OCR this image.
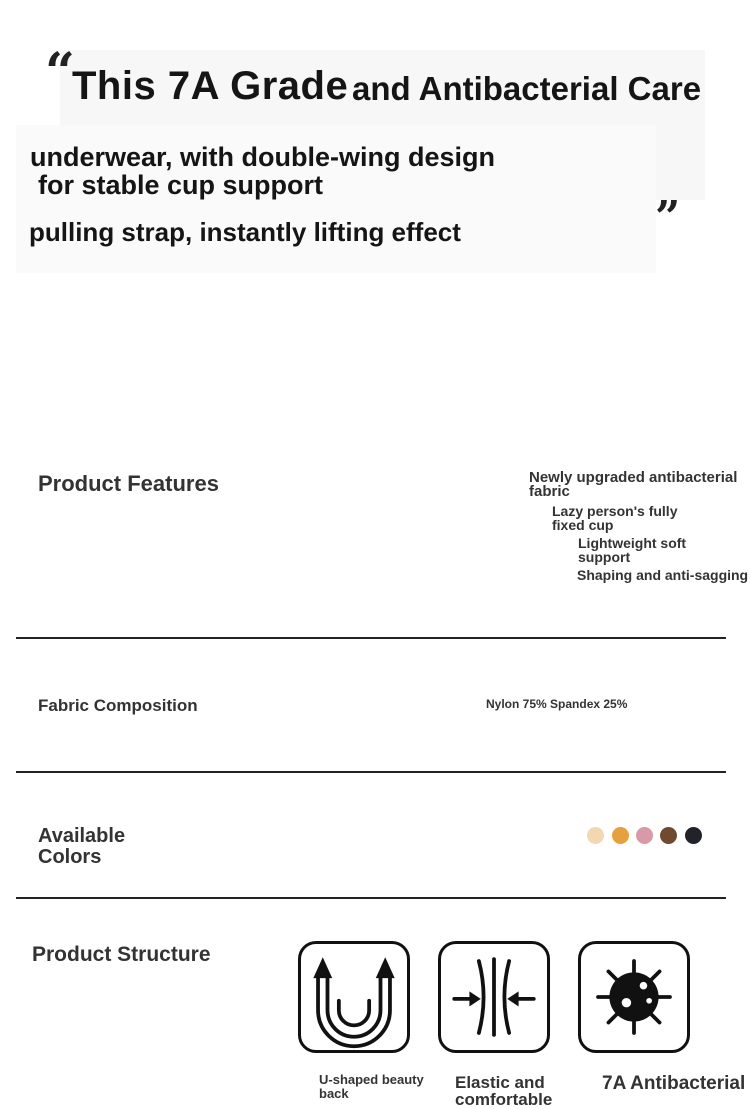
“
This 7A Grade and Antibacterial Care
underwear, with double-wing design
for stable cup support
pulling strap, instantly lifting effect	”
Product Features	Newly upgraded antibacterial fabric
Lazy person's fully fixed cup
Lightweight soft support
Shaping and anti-sagging
Fabric Composition	Nylon 75% Spandex 25%
Available Colors
Product Structure
U-shaped beauty back
Elastic and comfortable
7A Antibacterial
